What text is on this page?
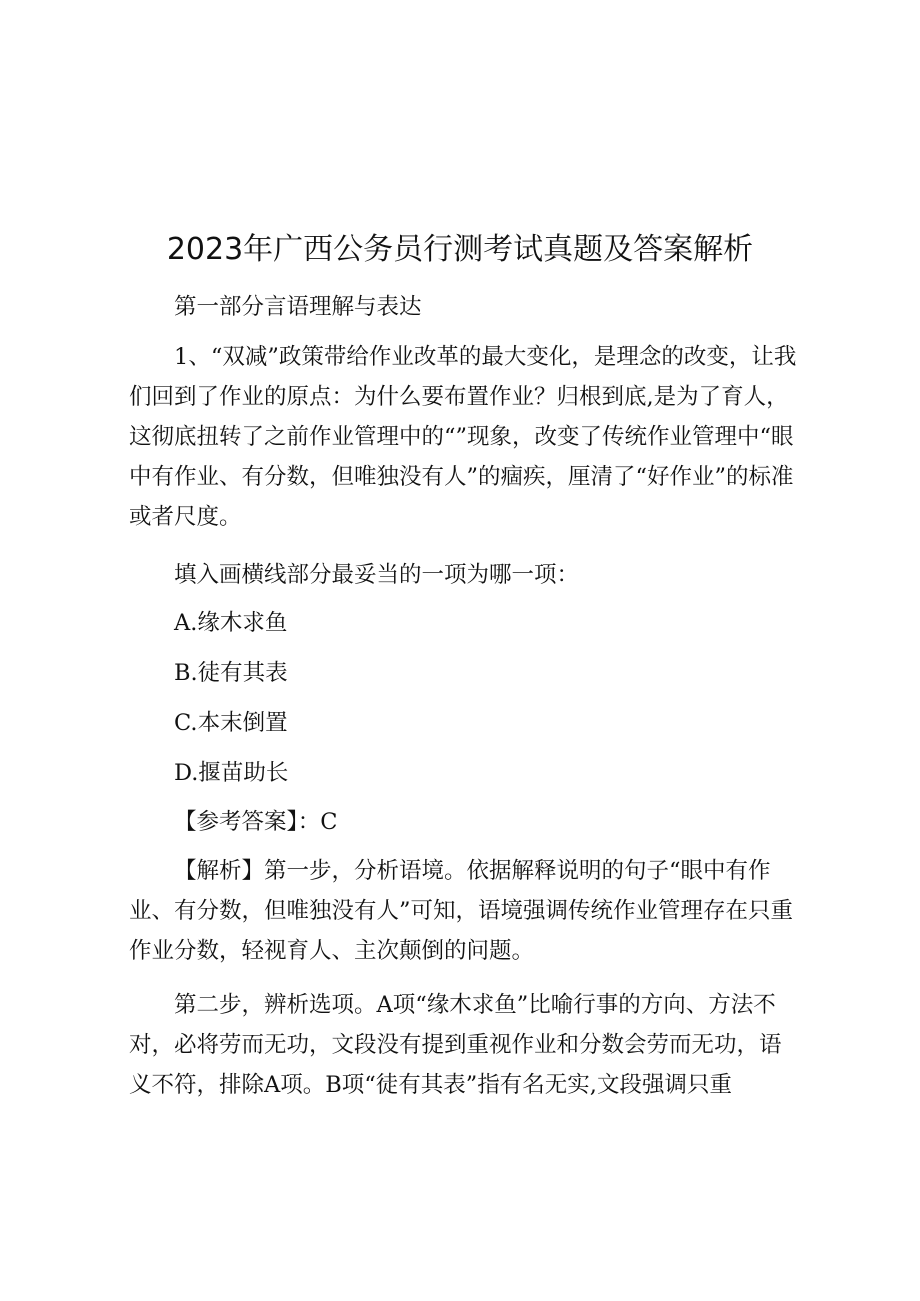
2023年广西公务员行测考试真题及答案解析

第一部分言语理解与表达

1、“双减”政策带给作业改革的最大变化，是理念的改变，让我们回到了作业的原点：为什么要布置作业？归根到底,是为了育人，这彻底扭转了之前作业管理中的“”现象，改变了传统作业管理中“眼中有作业、有分数，但唯独没有人”的痼疾，厘清了“好作业”的标准或者尺度。

填入画横线部分最妥当的一项为哪一项：

A.缘木求鱼

B.徒有其表

C.本末倒置

D.揠苗助长

【参考答案】：C

【解析】第一步，分析语境。依据解释说明的句子“眼中有作业、有分数，但唯独没有人”可知，语境强调传统作业管理存在只重作业分数，轻视育人、主次颠倒的问题。

第二步，辨析选项。A项“缘木求鱼”比喻行事的方向、方法不对，必将劳而无功，文段没有提到重视作业和分数会劳而无功，语义不符，排除A项。B项“徒有其表”指有名无实,文段强调只重
